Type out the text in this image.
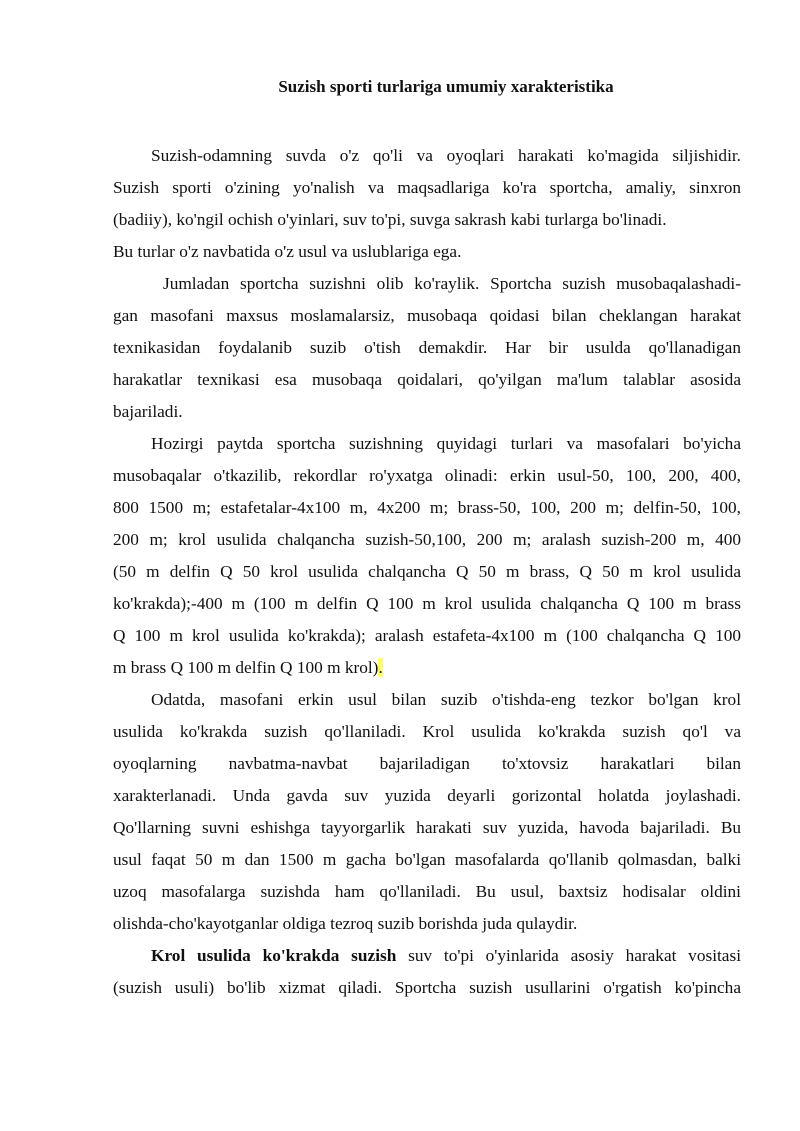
Suzish sporti turlariga umumiy xarakteristika
Suzish-odamning suvda o'z qo'li va oyoqlari harakati ko'magida siljishidir.
Suzish sporti o'zining yo'nalish va maqsadlariga ko'ra sportcha, amaliy, sinxron
(badiiy), ko'ngil ochish o'yinlari, suv to'pi, suvga sakrash kabi turlarga bo'linadi.
Bu turlar o'z navbatida o'z usul va uslublariga ega.
Jumladan sportcha suzishni olib ko'raylik. Sportcha suzish musobaqalashadi-
gan masofani maxsus moslamalarsiz, musobaqa qoidasi bilan cheklangan harakat
texnikasidan foydalanib suzib o'tish demakdir. Har bir usulda qo'llanadigan
harakatlar texnikasi esa musobaqa qoidalari, qo'yilgan ma'lum talablar asosida
bajariladi.
Hozirgi paytda sportcha suzishning quyidagi turlari va masofalari bo'yicha
musobaqalar o'tkazilib, rekordlar ro'yxatga olinadi: erkin usul-50, 100, 200, 400,
800 1500 m; estafetalar-4x100 m, 4x200 m; brass-50, 100, 200 m; delfin-50, 100,
200 m; krol usulida chalqancha suzish-50,100, 200 m; aralash suzish-200 m, 400
(50 m delfin Q 50 krol usulida chalqancha Q 50 m brass, Q 50 m krol usulida
ko'krakda);-400 m (100 m delfin Q 100 m krol usulida chalqancha Q 100 m brass
Q 100 m krol usulida ko'krakda); aralash estafeta-4x100 m (100 chalqancha Q 100
m brass Q 100 m delfin Q 100 m krol).
Odatda, masofani erkin usul bilan suzib o'tishda-eng tezkor bo'lgan krol
usulida ko'krakda suzish qo'llaniladi. Krol usulida ko'krakda suzish qo'l va
oyoqlarning navbatma-navbat bajariladigan to'xtovsiz harakatlari bilan
xarakterlanadi. Unda gavda suv yuzida deyarli gorizontal holatda joylashadi.
Qo'llarning suvni eshishga tayyorgarlik harakati suv yuzida, havoda bajariladi. Bu
usul faqat 50 m dan 1500 m gacha bo'lgan masofalarda qo'llanib qolmasdan, balki
uzoq masofalarga suzishda ham qo'llaniladi. Bu usul, baxtsiz hodisalar oldini
olishda-cho'kayotganlar oldiga tezroq suzib borishda juda qulaydir.
Krol usulida ko'krakda suzish suv to'pi o'yinlarida asosiy harakat vositasi
(suzish usuli) bo'lib xizmat qiladi. Sportcha suzish usullarini o'rgatish ko'pincha
